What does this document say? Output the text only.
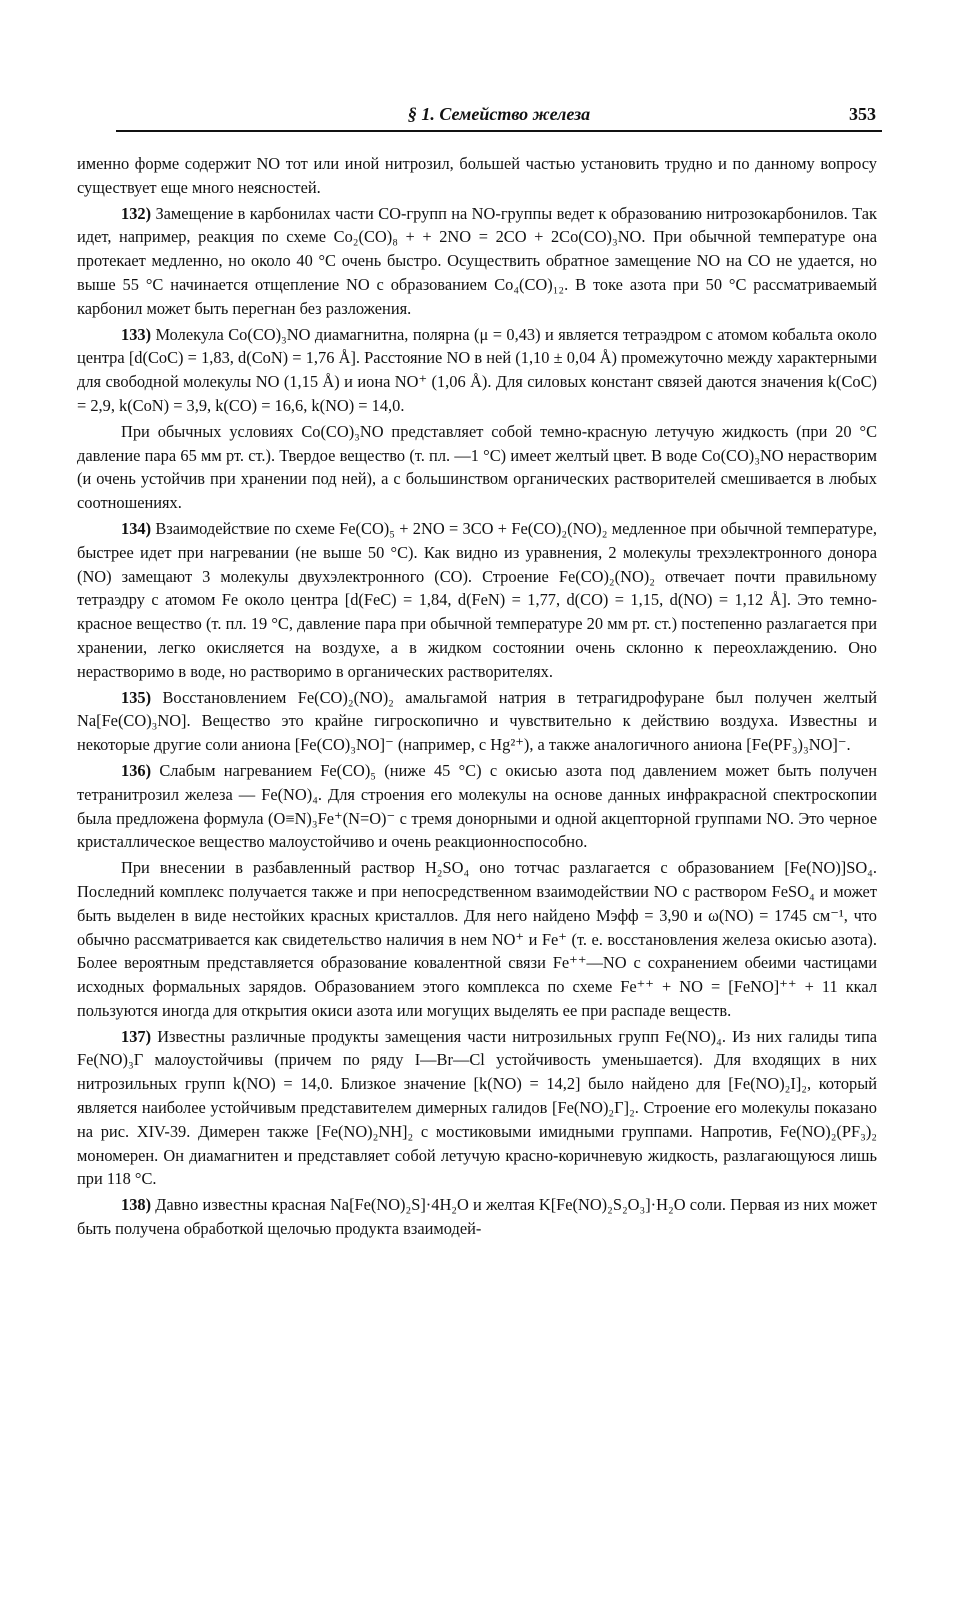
§ 1. Семейство железа	353

именно форме содержит NO тот или иной нитрозил, большей частью установить трудно и по данному вопросу существует еще много неясностей.

132) Замещение в карбонилах части CO-групп на NO-группы ведет к образованию нитрозокарбонилов. Так идет, например, реакция по схеме Co₂(CO)₈ + + 2NO = 2CO + 2Co(CO)₃NO. При обычной температуре она протекает медленно, но около 40 °C очень быстро. Осуществить обратное замещение NO на CO не удается, но выше 55 °C начинается отщепление NO с образованием Co₄(CO)₁₂. В токе азота при 50 °C рассматриваемый карбонил может быть перегнан без разложения.

133) Молекула Co(CO)₃NO диамагнитна, полярна (μ = 0,43) и является тетраэдром с атомом кобальта около центра [d(CoC) = 1,83, d(CoN) = 1,76 Å]. Расстояние NO в ней (1,10 ± 0,04 Å) промежуточно между характерными для свободной молекулы NO (1,15 Å) и иона NO⁺ (1,06 Å). Для силовых констант связей даются значения k(CoC) = 2,9, k(CoN) = 3,9, k(CO) = 16,6, k(NO) = 14,0.

При обычных условиях Co(CO)₃NO представляет собой темно-красную летучую жидкость (при 20 °C давление пара 65 мм рт. ст.). Твердое вещество (т. пл. —1 °C) имеет желтый цвет. В воде Co(CO)₃NO нерастворим (и очень устойчив при хранении под ней), а с большинством органических растворителей смешивается в любых соотношениях.

134) Взаимодействие по схеме Fe(CO)₅ + 2NO = 3CO + Fe(CO)₂(NO)₂ медленное при обычной температуре, быстрее идет при нагревании (не выше 50 °C). Как видно из уравнения, 2 молекулы трехэлектронного донора (NO) замещают 3 молекулы двухэлектронного (CO). Строение Fe(CO)₂(NO)₂ отвечает почти правильному тетраэдру с атомом Fe около центра [d(FeC) = 1,84, d(FeN) = 1,77, d(CO) = 1,15, d(NO) = 1,12 Å]. Это темно-красное вещество (т. пл. 19 °C, давление пара при обычной температуре 20 мм рт. ст.) постепенно разлагается при хранении, легко окисляется на воздухе, а в жидком состоянии очень склонно к переохлаждению. Оно нерастворимо в воде, но растворимо в органических растворителях.

135) Восстановлением Fe(CO)₂(NO)₂ амальгамой натрия в тетрагидрофуране был получен желтый Na[Fe(CO)₃NO]. Вещество это крайне гигроскопично и чувствительно к действию воздуха. Известны и некоторые другие соли аниона [Fe(CO)₃NO]⁻ (например, с Hg²⁺), а также аналогичного аниона [Fe(PF₃)₃NO]⁻.

136) Слабым нагреванием Fe(CO)₅ (ниже 45 °C) с окисью азота под давлением может быть получен тетранитрозил железа — Fe(NO)₄. Для строения его молекулы на основе данных инфракрасной спектроскопии была предложена формула (O≡N)₃Fe⁺(N=O)⁻ с тремя донорными и одной акцепторной группами NO. Это черное кристаллическое вещество малоустойчиво и очень реакционноспособно.

При внесении в разбавленный раствор H₂SO₄ оно тотчас разлагается с образованием [Fe(NO)]SO₄. Последний комплекс получается также и при непосредственном взаимодействии NO с раствором FeSO₄ и может быть выделен в виде нестойких красных кристаллов. Для него найдено Mэфф = 3,90 и ω(NO) = 1745 см⁻¹, что обычно рассматривается как свидетельство наличия в нем NO⁺ и Fe⁺ (т. е. восстановления железа окисью азота). Более вероятным представляется образование ковалентной связи Fe⁺⁺—NO с сохранением обеими частицами исходных формальных зарядов. Образованием этого комплекса по схеме Fe⁺⁺ + NO = [FeNO]⁺⁺ + 11 ккал пользуются иногда для открытия окиси азота или могущих выделять ее при распаде веществ.

137) Известны различные продукты замещения части нитрозильных групп Fe(NO)₄. Из них галиды типа Fe(NO)₃Г малоустойчивы (причем по ряду I—Br—Cl устойчивость уменьшается). Для входящих в них нитрозильных групп k(NO) = 14,0. Близкое значение [k(NO) = 14,2] было найдено для [Fe(NO)₂I]₂, который является наиболее устойчивым представителем димерных галидов [Fe(NO)₂Г]₂. Строение его молекулы показано на рис. XIV-39. Димерен также [Fe(NO)₂NH]₂ с мостиковыми имидными группами. Напротив, Fe(NO)₂(PF₃)₂ мономерен. Он диамагнитен и представляет собой летучую красно-коричневую жидкость, разлагающуюся лишь при 118 °C.

138) Давно известны красная Na[Fe(NO)₂S]·4H₂O и желтая K[Fe(NO)₂S₂O₃]·H₂O соли. Первая из них может быть получена обработкой щелочью продукта взаимодей-
